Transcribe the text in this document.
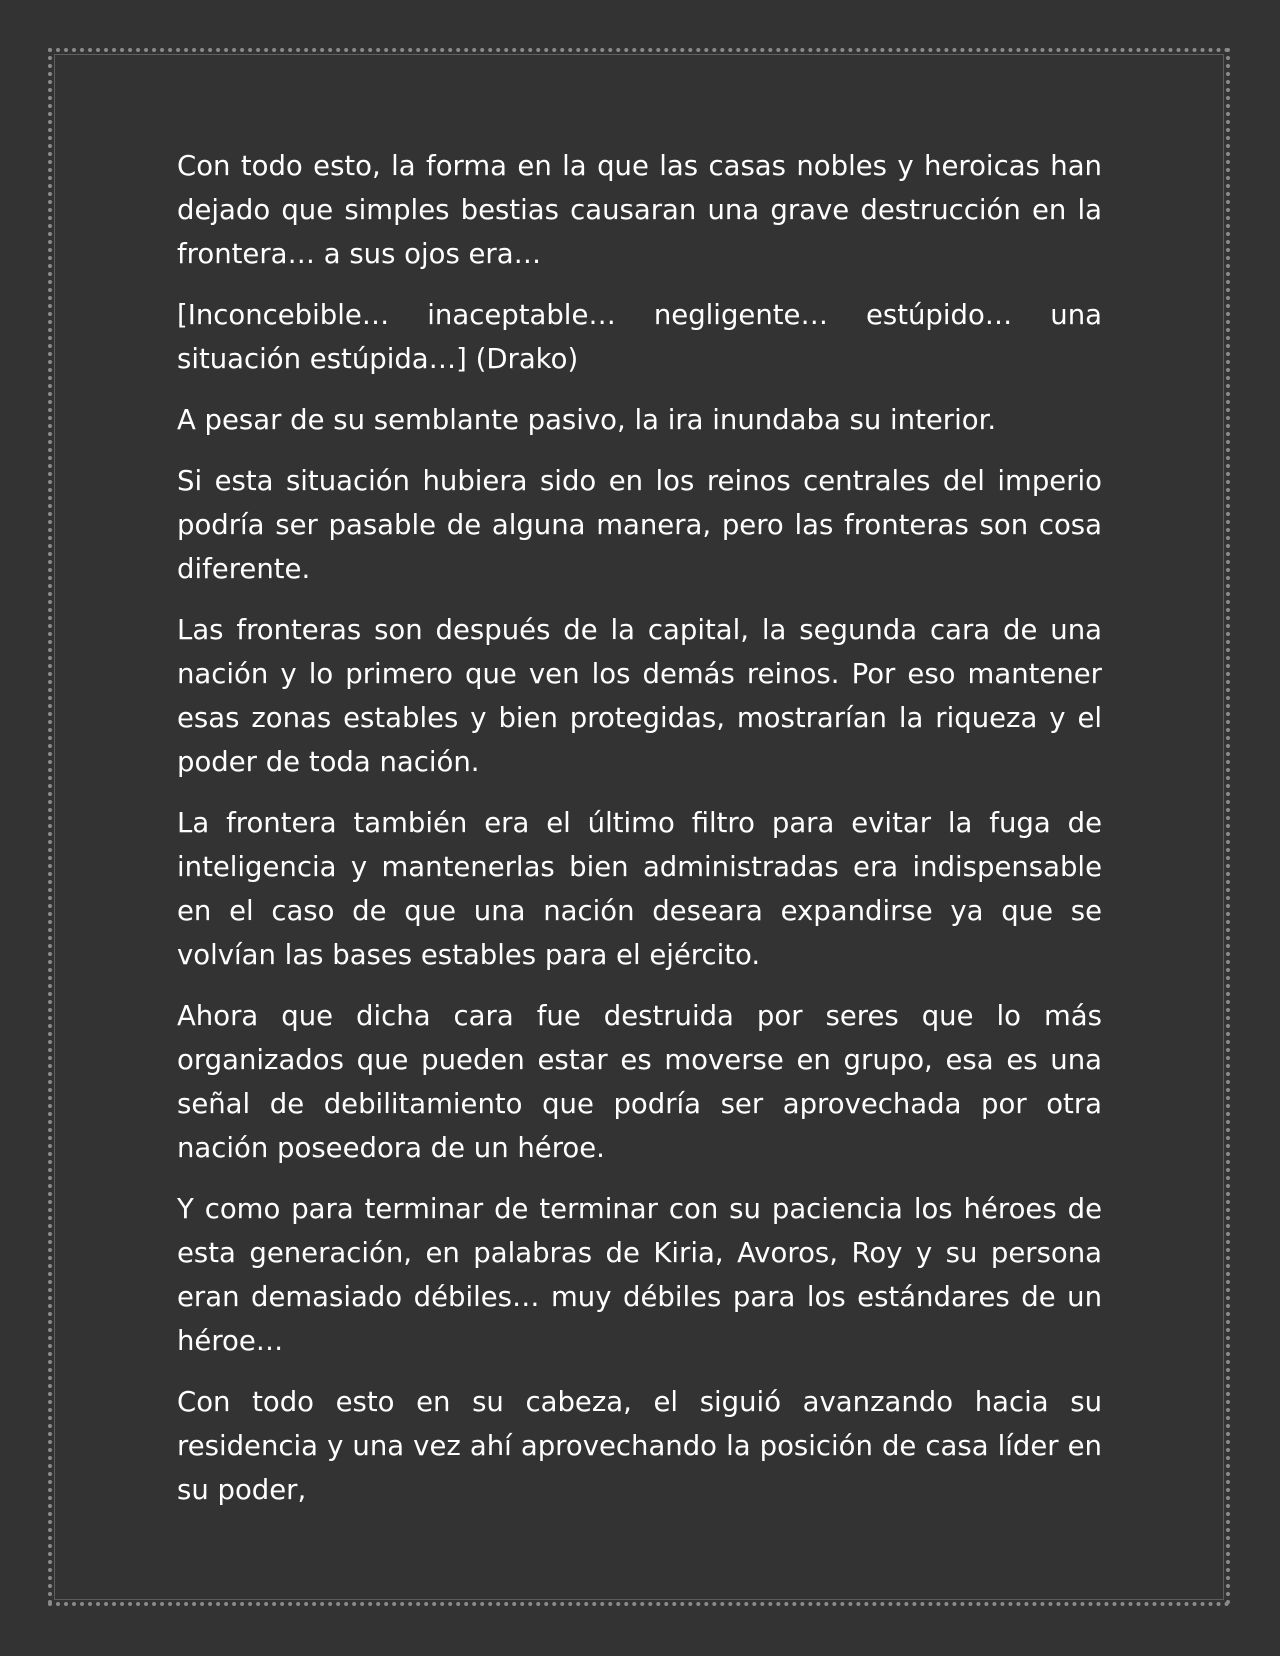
Con todo esto, la forma en la que las casas nobles y heroicas han dejado que simples bestias causaran una grave destrucción en la frontera… a sus ojos era…

[Inconcebible… inaceptable… negligente… estúpido… una situación estúpida…] (Drako)

A pesar de su semblante pasivo, la ira inundaba su interior.

Si esta situación hubiera sido en los reinos centrales del imperio podría ser pasable de alguna manera, pero las fronteras son cosa diferente.

Las fronteras son después de la capital, la segunda cara de una nación y lo primero que ven los demás reinos. Por eso mantener esas zonas estables y bien protegidas, mostrarían la riqueza y el poder de toda nación.

La frontera también era el último filtro para evitar la fuga de inteligencia y mantenerlas bien administradas era indispensable en el caso de que una nación deseara expandirse ya que se volvían las bases estables para el ejército.

Ahora que dicha cara fue destruida por seres que lo más organizados que pueden estar es moverse en grupo, esa es una señal de debilitamiento que podría ser aprovechada por otra nación poseedora de un héroe.

Y como para terminar de terminar con su paciencia los héroes de esta generación, en palabras de Kiria, Avoros, Roy y su persona eran demasiado débiles… muy débiles para los estándares de un héroe…

Con todo esto en su cabeza, el siguió avanzando hacia su residencia y una vez ahí aprovechando la posición de casa líder en su poder,
